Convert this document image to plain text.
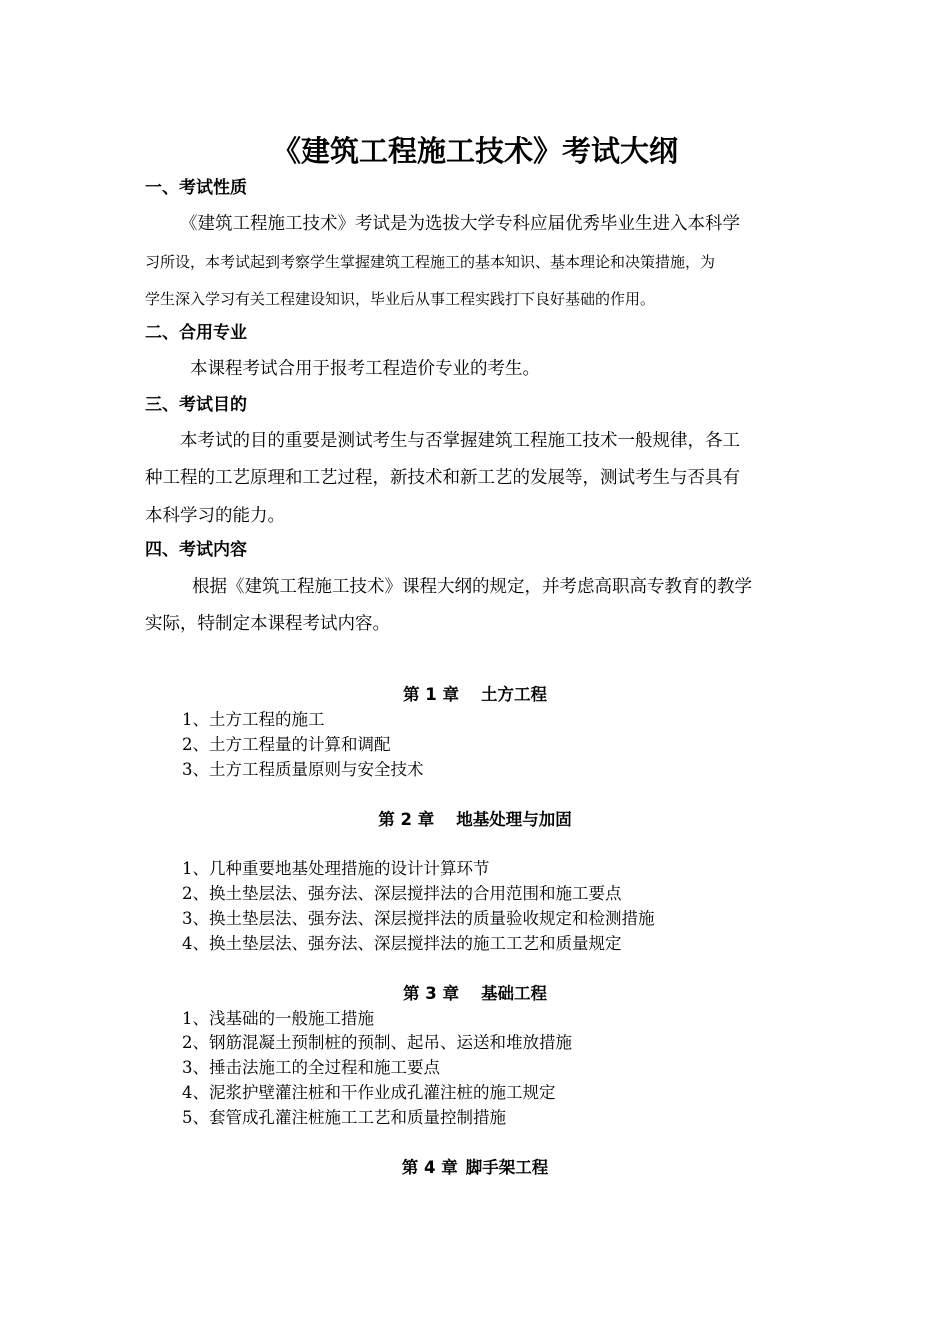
《建筑工程施工技术》考试大纲
一、考试性质
《建筑工程施工技术》考试是为选拔大学专科应届优秀毕业生进入本科学
习所设，本考试起到考察学生掌握建筑工程施工的基本知识、基本理论和决策措施，为
学生深入学习有关工程建设知识，毕业后从事工程实践打下良好基础的作用。
二、合用专业
本课程考试合用于报考工程造价专业的考生。
三、考试目的
本考试的目的重要是测试考生与否掌握建筑工程施工技术一般规律，各工
种工程的工艺原理和工艺过程，新技术和新工艺的发展等，测试考生与否具有
本科学习的能力。
四、考试内容
根据《建筑工程施工技术》课程大纲的规定，并考虑高职高专教育的教学
实际，特制定本课程考试内容。
第 1 章 土方工程
1、土方工程的施工
2、土方工程量的计算和调配
3、土方工程质量原则与安全技术
第 2 章 地基处理与加固
1、几种重要地基处理措施的设计计算环节
2、换土垫层法、强夯法、深层搅拌法的合用范围和施工要点
3、换土垫层法、强夯法、深层搅拌法的质量验收规定和检测措施
4、换土垫层法、强夯法、深层搅拌法的施工工艺和质量规定
第 3 章 基础工程
1、浅基础的一般施工措施
2、钢筋混凝土预制桩的预制、起吊、运送和堆放措施
3、捶击法施工的全过程和施工要点
4、泥浆护壁灌注桩和干作业成孔灌注桩的施工规定
5、套管成孔灌注桩施工工艺和质量控制措施
第 4 章 脚手架工程
